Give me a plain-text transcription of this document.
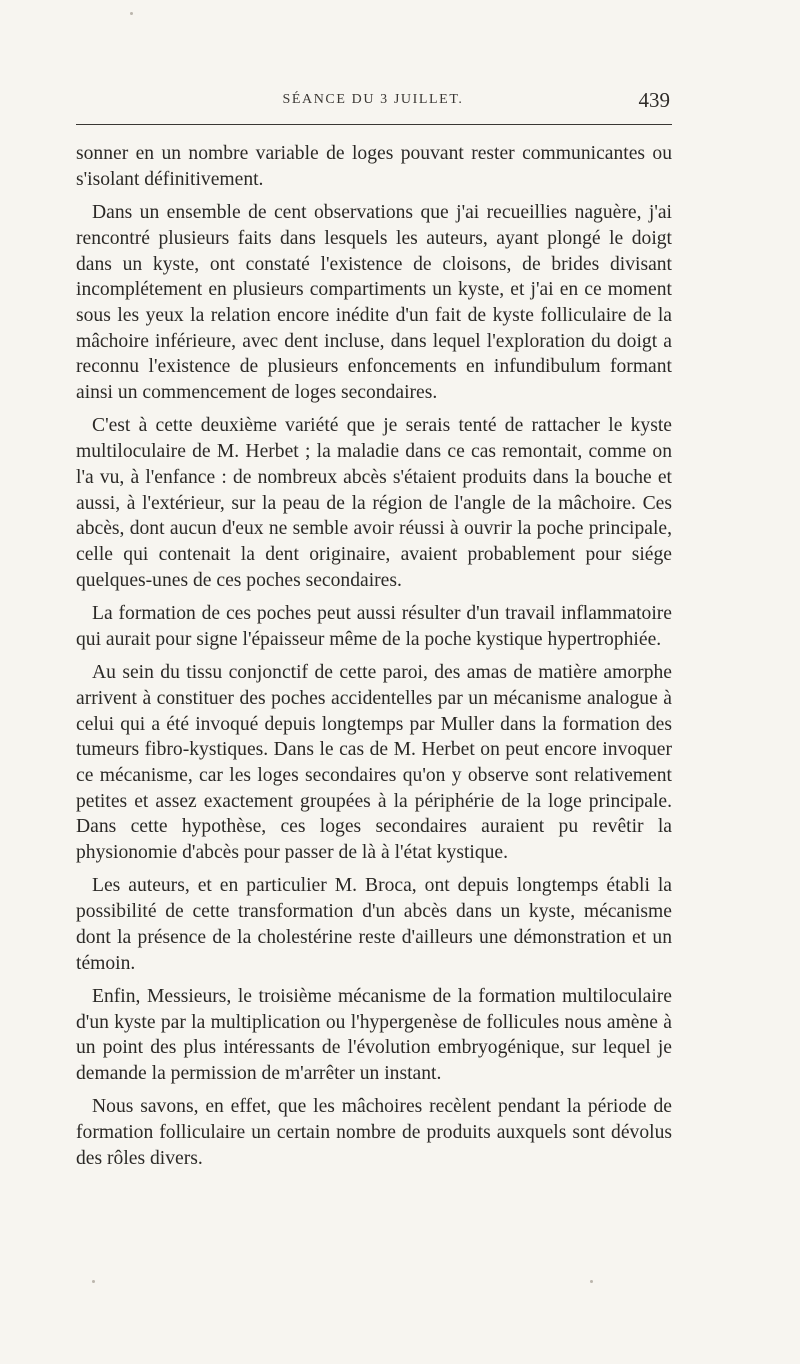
SÉANCE DU 3 JUILLET.	439

sonner en un nombre variable de loges pouvant rester communicantes ou s'isolant définitivement.

Dans un ensemble de cent observations que j'ai recueillies naguère, j'ai rencontré plusieurs faits dans lesquels les auteurs, ayant plongé le doigt dans un kyste, ont constaté l'existence de cloisons, de brides divisant incomplétement en plusieurs compartiments un kyste, et j'ai en ce moment sous les yeux la relation encore inédite d'un fait de kyste folliculaire de la mâchoire inférieure, avec dent incluse, dans lequel l'exploration du doigt a reconnu l'existence de plusieurs enfoncements en infundibulum formant ainsi un commencement de loges secondaires.

C'est à cette deuxième variété que je serais tenté de rattacher le kyste multiloculaire de M. Herbet ; la maladie dans ce cas remontait, comme on l'a vu, à l'enfance : de nombreux abcès s'étaient produits dans la bouche et aussi, à l'extérieur, sur la peau de la région de l'angle de la mâchoire. Ces abcès, dont aucun d'eux ne semble avoir réussi à ouvrir la poche principale, celle qui contenait la dent originaire, avaient probablement pour siége quelques-unes de ces poches secondaires.

La formation de ces poches peut aussi résulter d'un travail inflammatoire qui aurait pour signe l'épaisseur même de la poche kystique hypertrophiée.

Au sein du tissu conjonctif de cette paroi, des amas de matière amorphe arrivent à constituer des poches accidentelles par un mécanisme analogue à celui qui a été invoqué depuis longtemps par Muller dans la formation des tumeurs fibro-kystiques. Dans le cas de M. Herbet on peut encore invoquer ce mécanisme, car les loges secondaires qu'on y observe sont relativement petites et assez exactement groupées à la périphérie de la loge principale. Dans cette hypothèse, ces loges secondaires auraient pu revêtir la physionomie d'abcès pour passer de là à l'état kystique.

Les auteurs, et en particulier M. Broca, ont depuis longtemps établi la possibilité de cette transformation d'un abcès dans un kyste, mécanisme dont la présence de la cholestérine reste d'ailleurs une démonstration et un témoin.

Enfin, Messieurs, le troisième mécanisme de la formation multiloculaire d'un kyste par la multiplication ou l'hypergenèse de follicules nous amène à un point des plus intéressants de l'évolution embryogénique, sur lequel je demande la permission de m'arrêter un instant.

Nous savons, en effet, que les mâchoires recèlent pendant la période de formation folliculaire un certain nombre de produits auxquels sont dévolus des rôles divers.
